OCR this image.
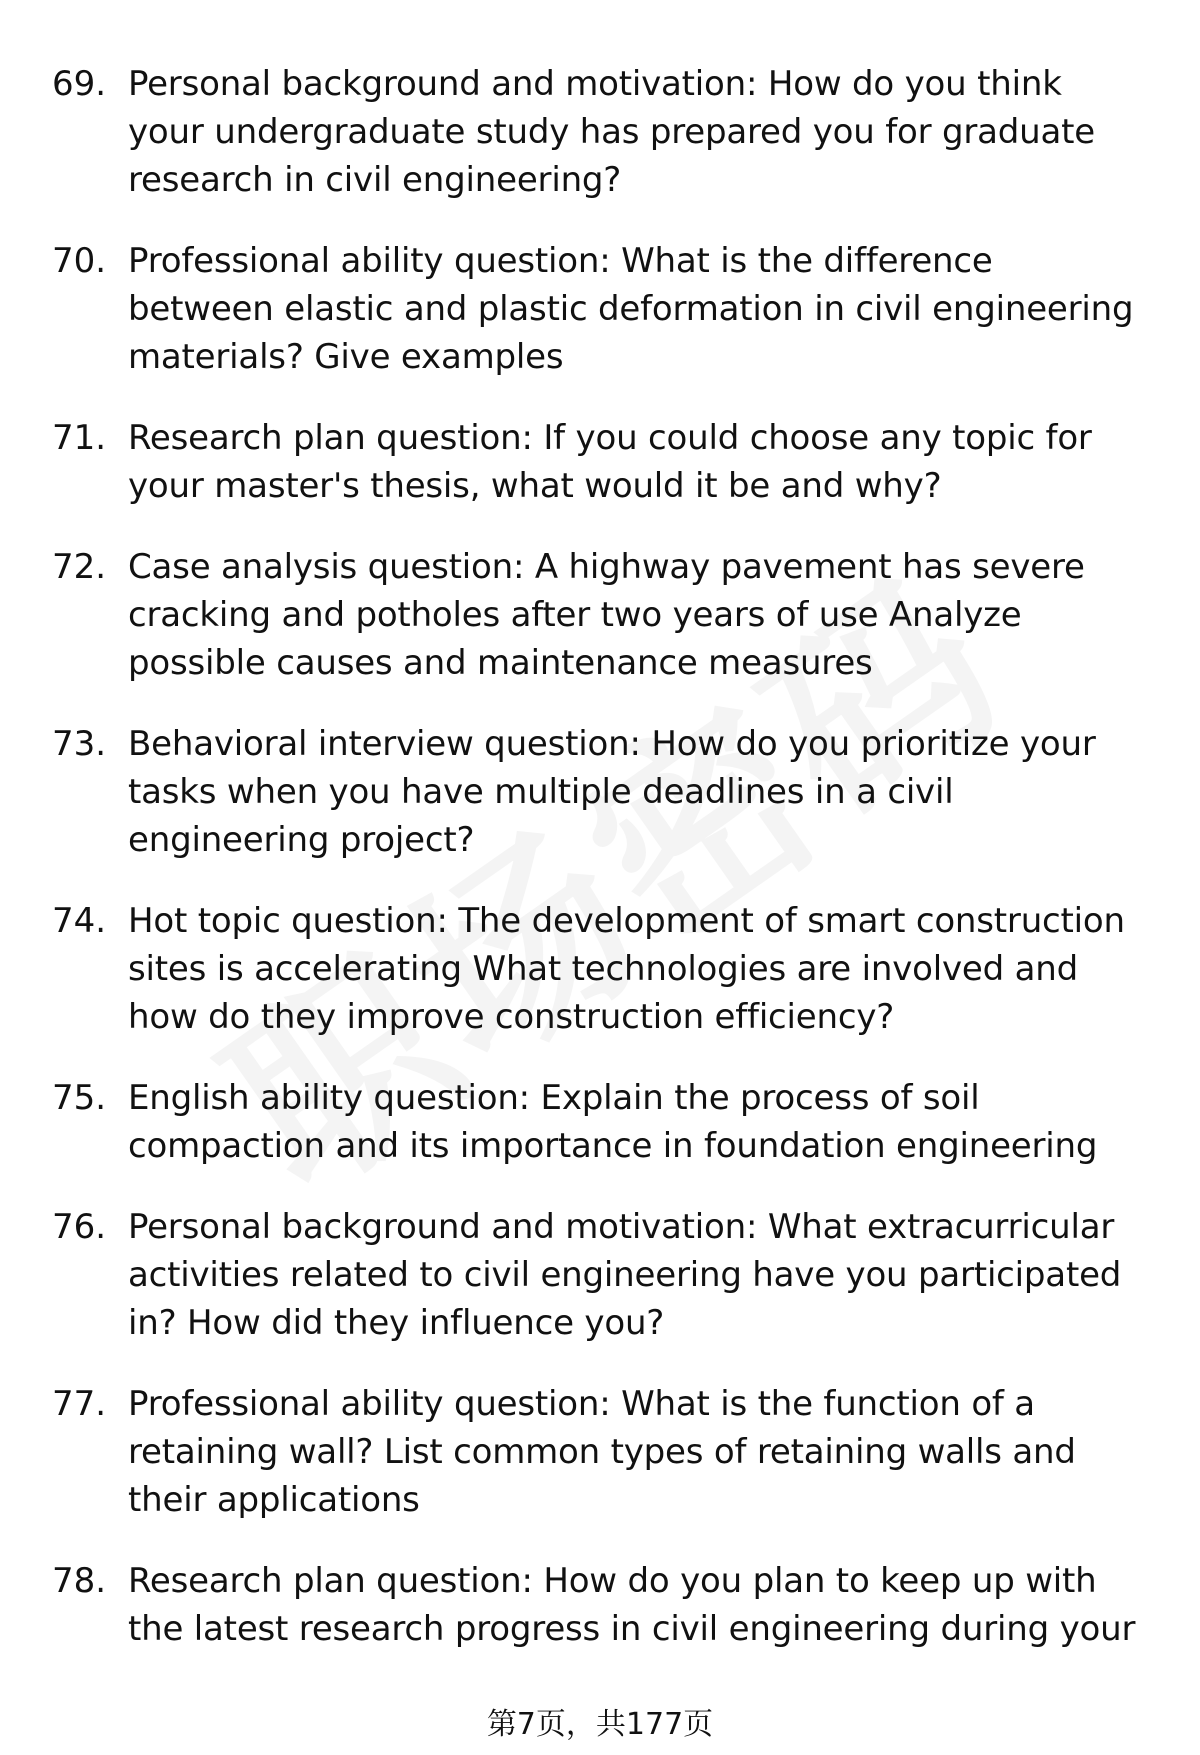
69. Personal background and motivation: How do you think
your undergraduate study has prepared you for graduate
research in civil engineering?
70. Professional ability question: What is the difference
between elastic and plastic deformation in civil engineering
materials? Give examples
71. Research plan question: If you could choose any topic for
your master's thesis, what would it be and why?
72. Case analysis question: A highway pavement has severe
cracking and potholes after two years of use Analyze
possible causes and maintenance measures
73. Behavioral interview question: How do you prioritize your
tasks when you have multiple deadlines in a civil
engineering project?
74. Hot topic question: The development of smart construction
sites is accelerating What technologies are involved and
how do they improve construction efficiency?
75. English ability question: Explain the process of soil
compaction and its importance in foundation engineering
76. Personal background and motivation: What extracurricular
activities related to civil engineering have you participated
in? How did they influence you?
77. Professional ability question: What is the function of a
retaining wall? List common types of retaining walls and
their applications
78. Research plan question: How do you plan to keep up with
the latest research progress in civil engineering during your
第7页，共177页
